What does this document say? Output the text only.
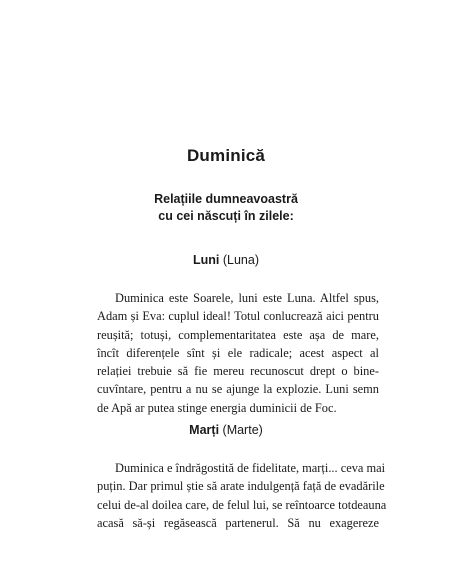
Duminică
Relațiile dumneavoastră
cu cei născuți în zilele:
Luni (Luna)
Duminica este Soarele, luni este Luna. Altfel spus,
Adam și Eva: cuplul ideal! Totul conlucrează aici pentru
reușită; totuși, complementaritatea este așa de mare,
încît diferențele sînt și ele radicale; acest aspect al
relației trebuie să fie mereu recunoscut drept o bine-
cuvîntare, pentru a nu se ajunge la explozie. Luni semn
de Apă ar putea stinge energia duminicii de Foc.
Marți (Marte)
Duminica e îndrăgostită de fidelitate, marți... ceva mai
puțin. Dar primul știe să arate indulgență față de evadările
celui de-al doilea care, de felul lui, se reîntoarce totdeauna
acasă să-și regăsească partenerul. Să nu exagereze
